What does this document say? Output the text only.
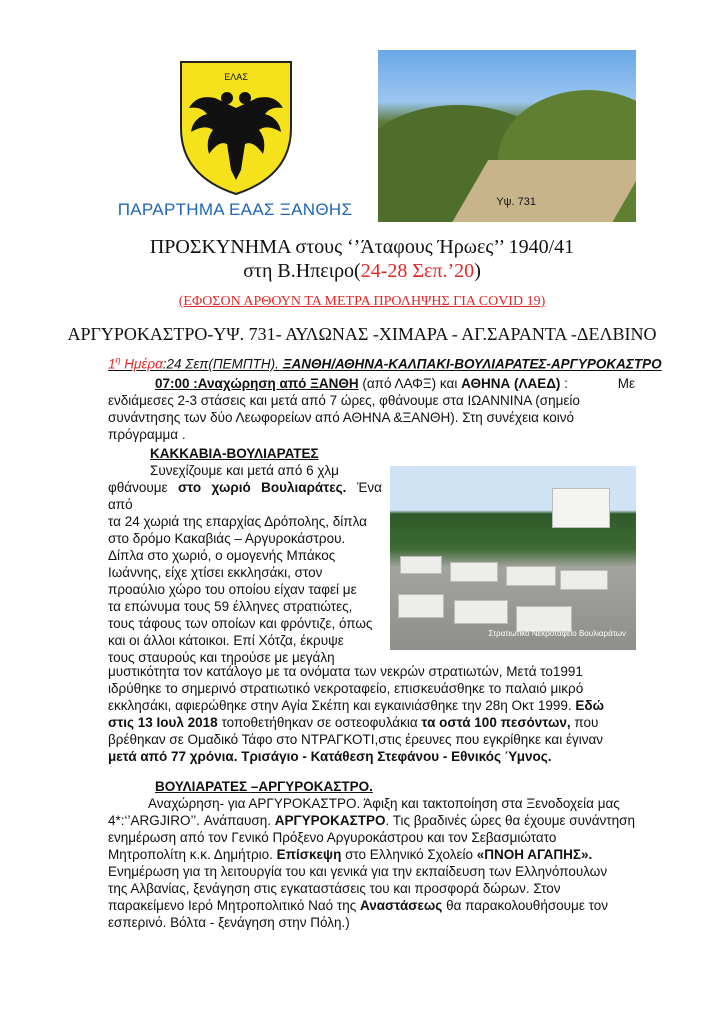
ΕΛΑΣ
ΠΑΡΑΡΤΗΜΑ ΕΑΑΣ ΞΑΝΘΗΣ	Υψ. 731
ΠΡΟΣΚΥΝΗΜΑ στους ‘’Άταφους Ήρωες’’ 1940/41
στη Β.Ηπειρο(24-28 Σεπ.’20)
(ΕΦΟΣΟΝ ΑΡΘΟΥΝ ΤΑ ΜΕΤΡΑ ΠΡΟΛΗΨΗΣ ΓΙΑ COVID 19)
ΑΡΓΥΡΟΚΑΣΤΡΟ-ΥΨ. 731- ΑΥΛΩΝΑΣ -ΧΙΜΑΡΑ - ΑΓ.ΣΑΡΑΝΤΑ -ΔΕΛΒΙΝΟ
$1^\eta$ Ημέρα:24 Σεπ(ΠΕΜΠΤΗ). ΞΑΝΘΗ/ΑΘΗΝΑ-ΚΑΛΠΑΚΙ-ΒΟΥΛΙΑΡΑΤΕΣ-ΑΡΓΥΡΟΚΑΣΤΡΟ
07:00 :Αναχώρηση από ΞΑΝΘΗ (από ΛΑΦΞ) και ΑΘΗΝΑ (ΛΑΕΔ) :	Με
ενδιάμεσες 2-3 στάσεις και μετά από 7 ώρες, φθάνουμε στα ΙΩΑΝΝΙΝΑ (σημείο
συνάντησης των δύο Λεωφορείων από ΑΘΗΝΑ &ΞΑΝΘΗ). Στη συνέχεια κοινό
πρόγραμμα .
ΚΑΚΚΑΒΙΑ-ΒΟΥΛΙΑΡΑΤΕΣ
Συνεχίζουμε και μετά από 6 χλμ
φθάνουμε στο χωριό Βουλιαράτες. Ένα από
τα 24 χωριά της επαρχίας Δρόπολης, δίπλα
στο δρόμο Κακαβιάς – Αργυροκάστρου.
Δίπλα στο χωριό, ο ομογενής Μπάκος
Ιωάννης, είχε χτίσει εκκλησάκι, στον
προαύλιο χώρο του οποίου είχαν ταφεί με
τα επώνυμα τους 59 έλληνες στρατιώτες,
τους τάφους των οποίων και φρόντιζε, όπως
και οι άλλοι κάτοικοι. Επί Χότζα, έκρυψε
τους σταυρούς και τηρούσε με μεγάλη
Στρατιωτικό Νεκροταφείο Βουλιαράτων
μυστικότητα τον κατάλογο με τα ονόματα των νεκρών στρατιωτών, Μετά το1991
ιδρύθηκε το σημερινό στρατιωτικό νεκροταφείο, επισκευάσθηκε το παλαιό μικρό
εκκλησάκι, αφιερώθηκε στην Αγία Σκέπη και εγκαινιάσθηκε την 28η Οκτ 1999. Εδώ
στις 13 Ιουλ 2018 τοποθετήθηκαν σε οστεοφυλάκια τα οστά 100 πεσόντων, που
βρέθηκαν σε Ομαδικό Τάφο στο ΝΤΡΑΓΚΟΤΙ,στις έρευνες που εγκρίθηκε και έγιναν
μετά από 77 χρόνια. Τρισάγιο - Κατάθεση Στεφάνου - Εθνικός Ύμνος.
ΒΟΥΛΙΑΡΑΤΕΣ –ΑΡΓΥΡΟΚΑΣΤΡΟ.
Αναχώρηση- για ΑΡΓΥΡΟΚΑΣΤΡΟ. Άφιξη και τακτοποίηση στα Ξενοδοχεία μας
4*:‘’ARGJIRO’’. Ανάπαυση. ΑΡΓΥΡΟΚΑΣΤΡΟ. Τις βραδινές ώρες θα έχουμε συνάντηση
ενημέρωση από τον Γενικό Πρόξενο Αργυροκάστρου και τον Σεβασμιώτατο
Μητροπολίτη κ.κ. Δημήτριο. Επίσκεψη στο Ελληνικό Σχολείο «ΠΝΟΗ ΑΓΑΠΗΣ».
Ενημέρωση για τη λειτουργία του και γενικά για την εκπαίδευση των Ελληνόπουλων
της Αλβανίας, ξενάγηση στις εγκαταστάσεις του και προσφορά δώρων. Στον
παρακείμενο Ιερό Μητροπολιτικό Ναό της Αναστάσεως θα παρακολουθήσουμε τον
εσπερινό. Βόλτα - ξενάγηση στην Πόλη.)
